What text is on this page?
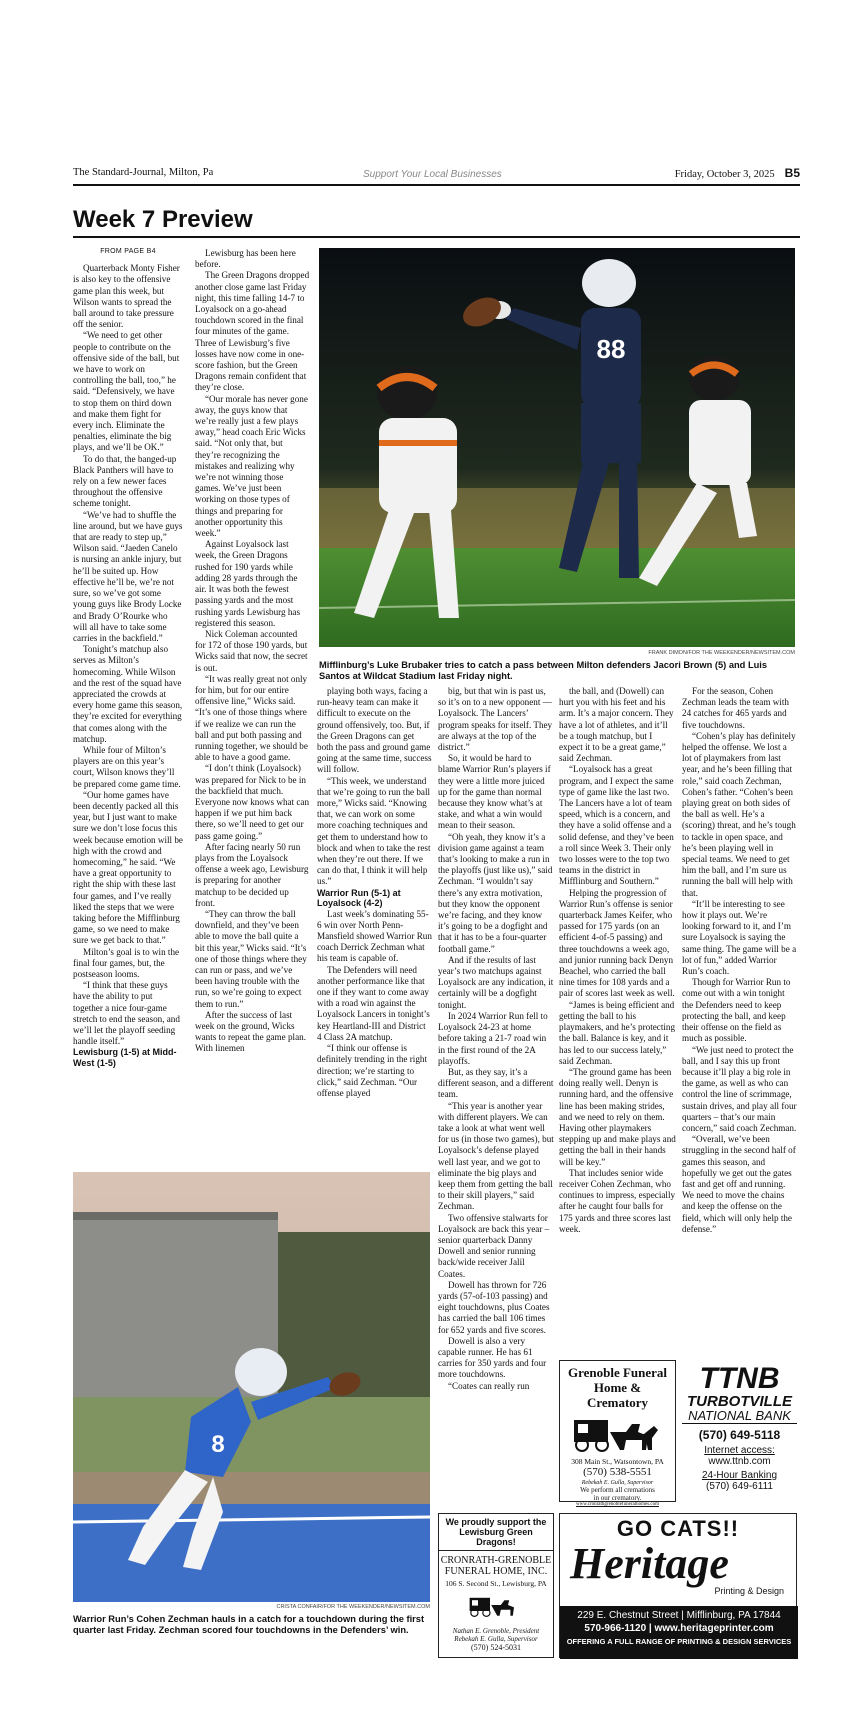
The Standard-Journal, Milton, Pa	Support Your Local Businesses	Friday, October 3, 2025 B5
Week 7 Preview

FROM PAGE B4

Quarterback Monty Fisher is also key to the offensive game plan this week, but Wilson wants to spread the ball around to take pressure off the senior.

“We need to get other people to contribute on the offensive side of the ball, but we have to work on controlling the ball, too,” he said. “Defensively, we have to stop them on third down and make them fight for every inch. Eliminate the penalties, eliminate the big plays, and we’ll be OK.”

To do that, the banged-up Black Panthers will have to rely on a few newer faces throughout the offensive scheme tonight.

“We’ve had to shuffle the line around, but we have guys that are ready to step up,” Wilson said. “Jaeden Canelo is nursing an ankle injury, but he’ll be suited up. How effective he’ll be, we’re not sure, so we’ve got some young guys like Brody Locke and Brady O’Rourke who will all have to take some carries in the backfield.”

Tonight’s matchup also serves as Milton’s homecoming. While Wilson and the rest of the squad have appreciated the crowds at every home game this season, they’re excited for everything that comes along with the matchup.

While four of Milton’s players are on this year’s court, Wilson knows they’ll be prepared come game time.

“Our home games have been decently packed all this year, but I just want to make sure we don’t lose focus this week because emotion will be high with the crowd and homecoming,” he said. “We have a great opportunity to right the ship with these last four games, and I’ve really liked the steps that we were taking before the Mifflinburg game, so we need to make sure we get back to that.”

Milton’s goal is to win the final four games, but, the postseason looms.

“I think that these guys have the ability to put together a nice four-game stretch to end the season, and we’ll let the playoff seeding handle itself.”

Lewisburg (1-5) at Midd-West (1-5)

Lewisburg has been here before.

The Green Dragons dropped another close game last Friday night, this time falling 14-7 to Loyalsock on a go-ahead touchdown scored in the final four minutes of the game. Three of Lewisburg’s five losses have now come in one-score fashion, but the Green Dragons remain confident that they’re close.

“Our morale has never gone away, the guys know that we’re really just a few plays away,” head coach Eric Wicks said. “Not only that, but they’re recognizing the mistakes and realizing why we’re not winning those games. We’ve just been working on those types of things and preparing for another opportunity this week.”

Against Loyalsock last week, the Green Dragons rushed for 190 yards while adding 28 yards through the air. It was both the fewest passing yards and the most rushing yards Lewisburg has registered this season.

Nick Coleman accounted for 172 of those 190 yards, but Wicks said that now, the secret is out.

“It was really great not only for him, but for our entire offensive line,” Wicks said. “It’s one of those things where if we realize we can run the ball and put both passing and running together, we should be able to have a good game.

“I don’t think (Loyalsock) was prepared for Nick to be in the backfield that much. Everyone now knows what can happen if we put him back there, so we’ll need to get our pass game going.”

After facing nearly 50 run plays from the Loyalsock offense a week ago, Lewisburg is preparing for another matchup to be decided up front.

“They can throw the ball downfield, and they’ve been able to move the ball quite a bit this year,” Wicks said. “It’s one of those things where they can run or pass, and we’ve been having trouble with the run, so we’re going to expect them to run.”

After the success of last week on the ground, Wicks wants to repeat the game plan. With linemen

88
FRANK DIMON/FOR THE WEEKENDER/NEWSITEM.COM
Mifflinburg’s Luke Brubaker tries to catch a pass between Milton defenders Jacori Brown (5) and Luis Santos at Wildcat Stadium last Friday night.

playing both ways, facing a run-heavy team can make it difficult to execute on the ground offensively, too. But, if the Green Dragons can get both the pass and ground game going at the same time, success will follow.

“This week, we understand that we’re going to run the ball more,” Wicks said. “Knowing that, we can work on some more coaching techniques and get them to understand how to block and when to take the rest when they’re out there. If we can do that, I think it will help us.”

Warrior Run (5-1) at Loyalsock (4-2)

Last week’s dominating 55-6 win over North Penn-Mansfield showed Warrior Run coach Derrick Zechman what his team is capable of.

The Defenders will need another performance like that one if they want to come away with a road win against the Loyalsock Lancers in tonight’s key Heartland-III and District 4 Class 2A matchup.

“I think our offense is definitely trending in the right direction; we’re starting to click,” said Zechman. “Our offense played

big, but that win is past us, so it’s on to a new opponent — Loyalsock. The Lancers’ program speaks for itself. They are always at the top of the district.”

So, it would be hard to blame Warrior Run’s players if they were a little more juiced up for the game than normal because they know what’s at stake, and what a win would mean to their season.

“Oh yeah, they know it’s a division game against a team that’s looking to make a run in the playoffs (just like us),” said Zechman. “I wouldn’t say there’s any extra motivation, but they know the opponent we’re facing, and they know it’s going to be a dogfight and that it has to be a four-quarter football game.”

And if the results of last year’s two matchups against Loyalsock are any indication, it certainly will be a dogfight tonight.

In 2024 Warrior Run fell to Loyalsock 24-23 at home before taking a 21-7 road win in the first round of the 2A playoffs.

But, as they say, it’s a different season, and a different team.

“This year is another year with different players. We can take a look at what went well for us (in those two games), but Loyalsock’s defense played well last year, and we got to eliminate the big plays and keep them from getting the ball to their skill players,” said Zechman.

Two offensive stalwarts for Loyalsock are back this year – senior quarterback Danny Dowell and senior running back/wide receiver Jalil Coates.

Dowell has thrown for 726 yards (57-of-103 passing) and eight touchdowns, plus Coates has carried the ball 106 times for 652 yards and five scores.

Dowell is also a very capable runner. He has 61 carries for 350 yards and four more touchdowns.

“Coates can really run

the ball, and (Dowell) can hurt you with his feet and his arm. It’s a major concern. They have a lot of athletes, and it’ll be a tough matchup, but I expect it to be a great game,” said Zechman.

“Loyalsock has a great program, and I expect the same type of game like the last two. The Lancers have a lot of team speed, which is a concern, and they have a solid offense and a solid defense, and they’ve been a roll since Week 3. Their only two losses were to the top two teams in the district in Mifflinburg and Southern.”

Helping the progression of Warrior Run’s offense is senior quarterback James Keifer, who passed for 175 yards (on an efficient 4-of-5 passing) and three touchdowns a week ago, and junior running back Denyn Beachel, who carried the ball nine times for 108 yards and a pair of scores last week as well.

“James is being efficient and getting the ball to his playmakers, and he’s protecting the ball. Balance is key, and it has led to our success lately,” said Zechman.

“The ground game has been doing really well. Denyn is running hard, and the offensive line has been making strides, and we need to rely on them. Having other playmakers stepping up and make plays and getting the ball in their hands will be key.”

That includes senior wide receiver Cohen Zechman, who continues to impress, especially after he caught four balls for 175 yards and three scores last week.

For the season, Cohen Zechman leads the team with 24 catches for 465 yards and five touchdowns.

“Cohen’s play has definitely helped the offense. We lost a lot of playmakers from last year, and he’s been filling that role,” said coach Zechman, Cohen’s father. “Cohen’s been playing great on both sides of the ball as well. He’s a (scoring) threat, and he’s tough to tackle in open space, and he’s been playing well in special teams. We need to get him the ball, and I’m sure us running the ball will help with that.

“It’ll be interesting to see how it plays out. We’re looking forward to it, and I’m sure Loyalsock is saying the same thing. The game will be a lot of fun,” added Warrior Run’s coach.

Though for Warrior Run to come out with a win tonight the Defenders need to keep protecting the ball, and keep their offense on the field as much as possible.

“We just need to protect the ball, and I say this up front because it’ll play a big role in the game, as well as who can control the line of scrimmage, sustain drives, and play all four quarters – that’s our main concern,” said coach Zechman.

“Overall, we’ve been struggling in the second half of games this season, and hopefully we get out the gates fast and get off and running. We need to move the chains and keep the offense on the field, which will only help the defense.”

8
CRISTA CONFAIR/FOR THE WEEKENDER/NEWSITEM.COM
Warrior Run’s Cohen Zechman hauls in a catch for a touchdown during the first quarter last Friday. Zechman scored four touchdowns in the Defenders’ win.
Grenoble Funeral Home & Crematory
308 Main St., Watsontown, PA
(570) 538-5551
Rebekah E. Gulla, Supervisor
We perform all cremations
in our crematory.
www.cronrathgrenoblefuneralhomes.com
TTNB
TURBOTVILLE
NATIONAL BANK
(570) 649-5118
Internet access:
www.ttnb.com
24-Hour Banking
(570) 649-6111
We proudly support the Lewisburg Green Dragons!
CRONRATH-GRENOBLE
FUNERAL HOME, INC.
106 S. Second St., Lewisburg, PA
Nathan E. Grenoble, President
Rebekah E. Gulla, Supervisor
(570) 524-5031
GO CATS!!
Heritage
Printing & Design
229 E. Chestnut Street | Mifflinburg, PA 17844
570-966-1120 | www.heritageprinter.com
OFFERING A FULL RANGE OF PRINTING & DESIGN SERVICES
